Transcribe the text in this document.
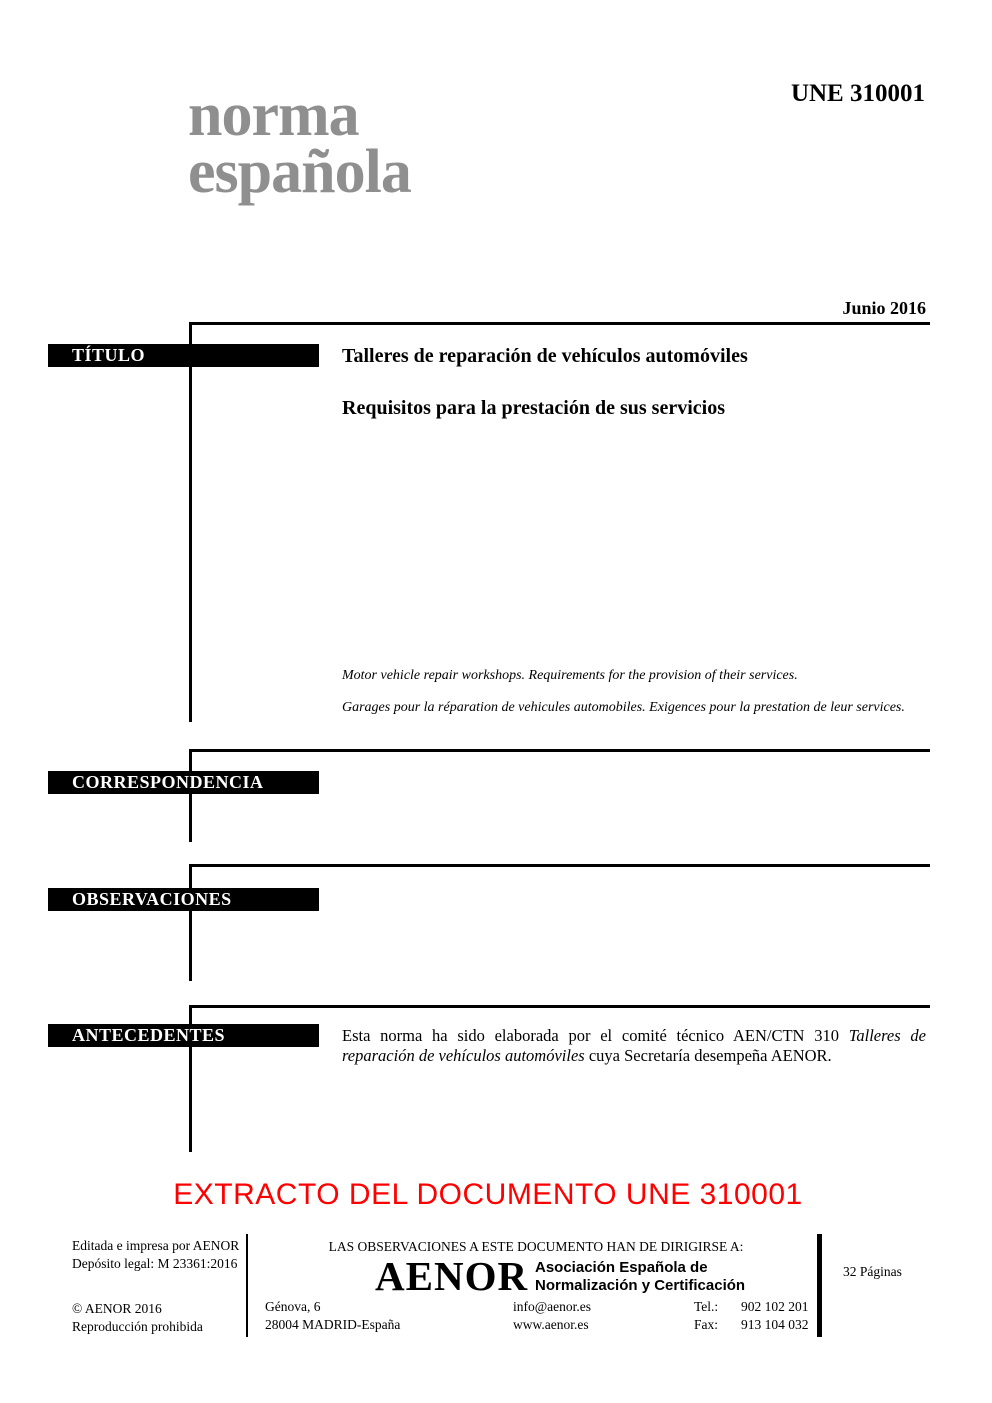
norma
española
UNE 310001
Junio 2016
TÍTULO
CORRESPONDENCIA
OBSERVACIONES
ANTECEDENTES
Talleres de reparación de vehículos automóviles
Requisitos para la prestación de sus servicios
Motor vehicle repair workshops. Requirements for the provision of their services.
Garages pour la réparation de vehicules automobiles. Exigences pour la prestation de leur services.
Esta norma ha sido elaborada por el comité técnico AEN/CTN 310 Talleres de reparación de vehículos automóviles cuya Secretaría desempeña AENOR.
EXTRACTO DEL DOCUMENTO UNE 310001
Editada e impresa por AENOR
Depósito legal: M 23361:2016
© AENOR 2016
Reproducción prohibida
LAS OBSERVACIONES A ESTE DOCUMENTO HAN DE DIRIGIRSE A:
AENOR Asociación Española de
Normalización y Certificación
Génova, 6
28004 MADRID-España
info@aenor.es
www.aenor.es
Tel.: 902 102 201
Fax: 913 104 032
32 Páginas
